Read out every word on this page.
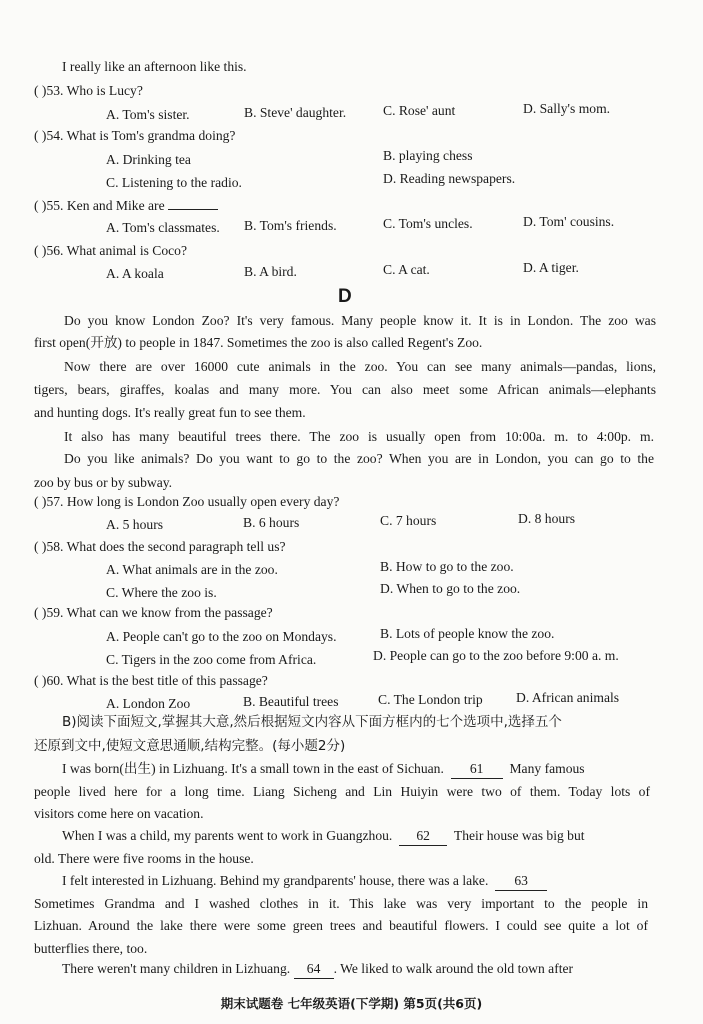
I really like an afternoon like this.
( )53. Who is Lucy?
A. Tom's sister.	B. Steve' daughter.	C. Rose' aunt	D. Sally's mom.
( )54. What is Tom's grandma doing?
A. Drinking tea	B. playing chess
C. Listening to the radio.	D. Reading newspapers.
( )55. Ken and Mike are
A. Tom's classmates. B. Tom's friends.	C. Tom's uncles.	D. Tom' cousins.
( )56. What animal is Coco?
A. A koala	B. A bird.	C. A cat.	D. A tiger.
D
Do you know London Zoo? It's very famous. Many people know it. It is in London. The zoo was
first open(开放) to people in 1847. Sometimes the zoo is also called Regent's Zoo.
Now there are over 16000 cute animals in the zoo. You can see many animals—pandas, lions,
tigers, bears, giraffes, koalas and many more. You can also meet some African animals—elephants
and hunting dogs. It's really great fun to see them.
It also has many beautiful trees there. The zoo is usually open from 10:00a. m. to 4:00p. m.
Do you like animals? Do you want to go to the zoo? When you are in London, you can go to the
zoo by bus or by subway.
( )57. How long is London Zoo usually open every day?
A. 5 hours	B. 6 hours	C. 7 hours	D. 8 hours
( )58. What does the second paragraph tell us?
A. What animals are in the zoo.	B. How to go to the zoo.
C. Where the zoo is.	D. When to go to the zoo.
( )59. What can we know from the passage?
A. People can't go to the zoo on Mondays.	B. Lots of people know the zoo.
C. Tigers in the zoo come from Africa.	D. People can go to the zoo before 9:00 a. m.
( )60. What is the best title of this passage?
A. London Zoo	B. Beautiful trees	C. The London trip D. African animals
B)阅读下面短文,掌握其大意,然后根据短文内容从下面方框内的七个选项中,选择五个
还原到文中,使短文意思通顺,结构完整。(每小题2分)
I was born(出生) in Lizhuang. It's a small town in the east of Sichuan. 61 Many famous
people lived here for a long time. Liang Sicheng and Lin Huiyin were two of them. Today lots of
visitors come here on vacation.
When I was a child, my parents went to work in Guangzhou. 62 Their house was big but
old. There were five rooms in the house.
I felt interested in Lizhuang. Behind my grandparents' house, there was a lake. 63
Sometimes Grandma and I washed clothes in it. This lake was very important to the people in
Lizhuan. Around the lake there were some green trees and beautiful flowers. I could see quite a lot of
butterflies there, too.
There weren't many children in Lizhuang. 64 . We liked to walk around the old town after
期末试题卷 七年级英语(下学期) 第5页(共6页)
